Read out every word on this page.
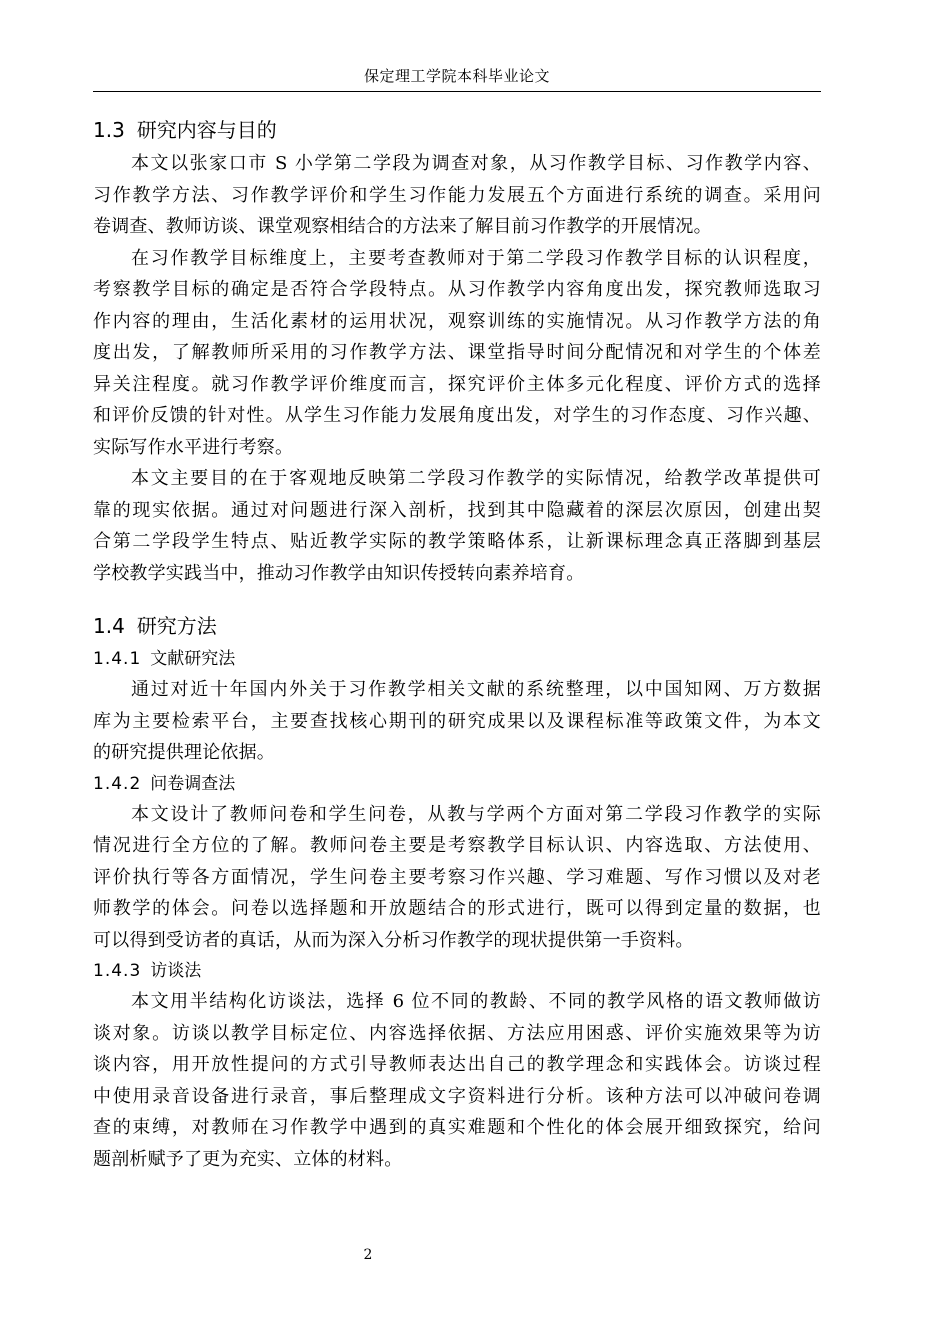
保定理工学院本科毕业论文
1.3 研究内容与目的
本文以张家口市 S 小学第二学段为调查对象，从习作教学目标、习作教学内容、
习作教学方法、习作教学评价和学生习作能力发展五个方面进行系统的调查。采用问
卷调查、教师访谈、课堂观察相结合的方法来了解目前习作教学的开展情况。
在习作教学目标维度上，主要考查教师对于第二学段习作教学目标的认识程度，
考察教学目标的确定是否符合学段特点。从习作教学内容角度出发，探究教师选取习
作内容的理由，生活化素材的运用状况，观察训练的实施情况。从习作教学方法的角
度出发，了解教师所采用的习作教学方法、课堂指导时间分配情况和对学生的个体差
异关注程度。就习作教学评价维度而言，探究评价主体多元化程度、评价方式的选择
和评价反馈的针对性。从学生习作能力发展角度出发，对学生的习作态度、习作兴趣、
实际写作水平进行考察。
本文主要目的在于客观地反映第二学段习作教学的实际情况，给教学改革提供可
靠的现实依据。通过对问题进行深入剖析，找到其中隐藏着的深层次原因，创建出契
合第二学段学生特点、贴近教学实际的教学策略体系，让新课标理念真正落脚到基层
学校教学实践当中，推动习作教学由知识传授转向素养培育。
1.4 研究方法
1.4.1 文献研究法
通过对近十年国内外关于习作教学相关文献的系统整理，以中国知网、万方数据
库为主要检索平台，主要查找核心期刊的研究成果以及课程标准等政策文件，为本文
的研究提供理论依据。
1.4.2 问卷调查法
本文设计了教师问卷和学生问卷，从教与学两个方面对第二学段习作教学的实际
情况进行全方位的了解。教师问卷主要是考察教学目标认识、内容选取、方法使用、
评价执行等各方面情况，学生问卷主要考察习作兴趣、学习难题、写作习惯以及对老
师教学的体会。问卷以选择题和开放题结合的形式进行，既可以得到定量的数据，也
可以得到受访者的真话，从而为深入分析习作教学的现状提供第一手资料。
1.4.3 访谈法
本文用半结构化访谈法，选择 6 位不同的教龄、不同的教学风格的语文教师做访
谈对象。访谈以教学目标定位、内容选择依据、方法应用困惑、评价实施效果等为访
谈内容，用开放性提问的方式引导教师表达出自己的教学理念和实践体会。访谈过程
中使用录音设备进行录音，事后整理成文字资料进行分析。该种方法可以冲破问卷调
查的束缚，对教师在习作教学中遇到的真实难题和个性化的体会展开细致探究，给问
题剖析赋予了更为充实、立体的材料。
2
